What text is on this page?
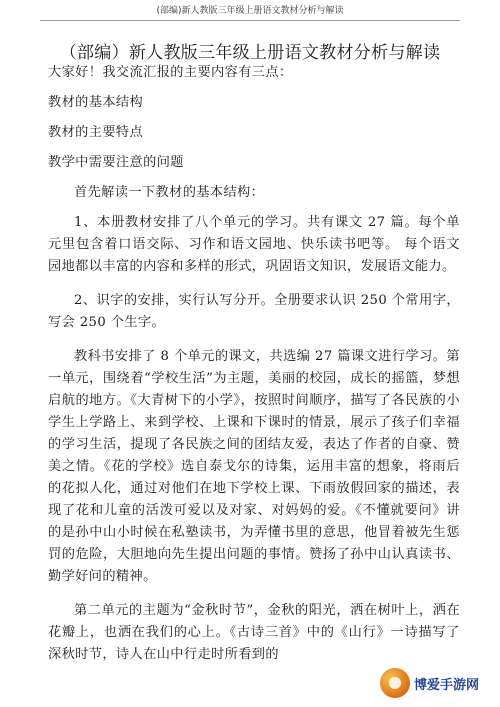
(部编)新人教版三年级上册语文教材分析与解读
（部编）新人教版三年级上册语文教材分析与解读

大家好！我交流汇报的主要内容有三点：

教材的基本结构

教材的主要特点

教学中需要注意的问题

首先解读一下教材的基本结构：

1、本册教材安排了八个单元的学习。共有课文 27 篇。每个单元里包含着口语交际、习作和语文园地、快乐读书吧等。 每个语文园地都以丰富的内容和多样的形式，巩固语文知识，发展语文能力。

2、识字的安排，实行认写分开。全册要求认识 250 个常用字，写会 250 个生字。

教科书安排了 8 个单元的课文，共选编 27 篇课文进行学习。第一单元，围绕着“学校生活”为主题，美丽的校园，成长的摇篮，梦想启航的地方。《大青树下的小学》，按照时间顺序，描写了各民族的小学生上学路上、来到学校、上课和下课时的情景，展示了孩子们幸福的学习生活，提现了各民族之间的团结友爱，表达了作者的自豪、赞美之情。《花的学校》选自泰戈尔的诗集，运用丰富的想象，将雨后的花拟人化，通过对他们在地下学校上课、下雨放假回家的描述，表现了花和儿童的活泼可爱以及对家、对妈妈的爱。《不懂就要问》讲的是孙中山小时候在私塾读书，为弄懂书里的意思，他冒着被先生惩罚的危险，大胆地向先生提出问题的事情。赞扬了孙中山认真读书、勤学好问的精神。

第二单元的主题为“金秋时节”，金秋的阳光，洒在树叶上，洒在花瓣上，也洒在我们的心上。《古诗三首》中的《山行》一诗描写了深秋时节，诗人在山中行走时所看到的

博爱手游网
